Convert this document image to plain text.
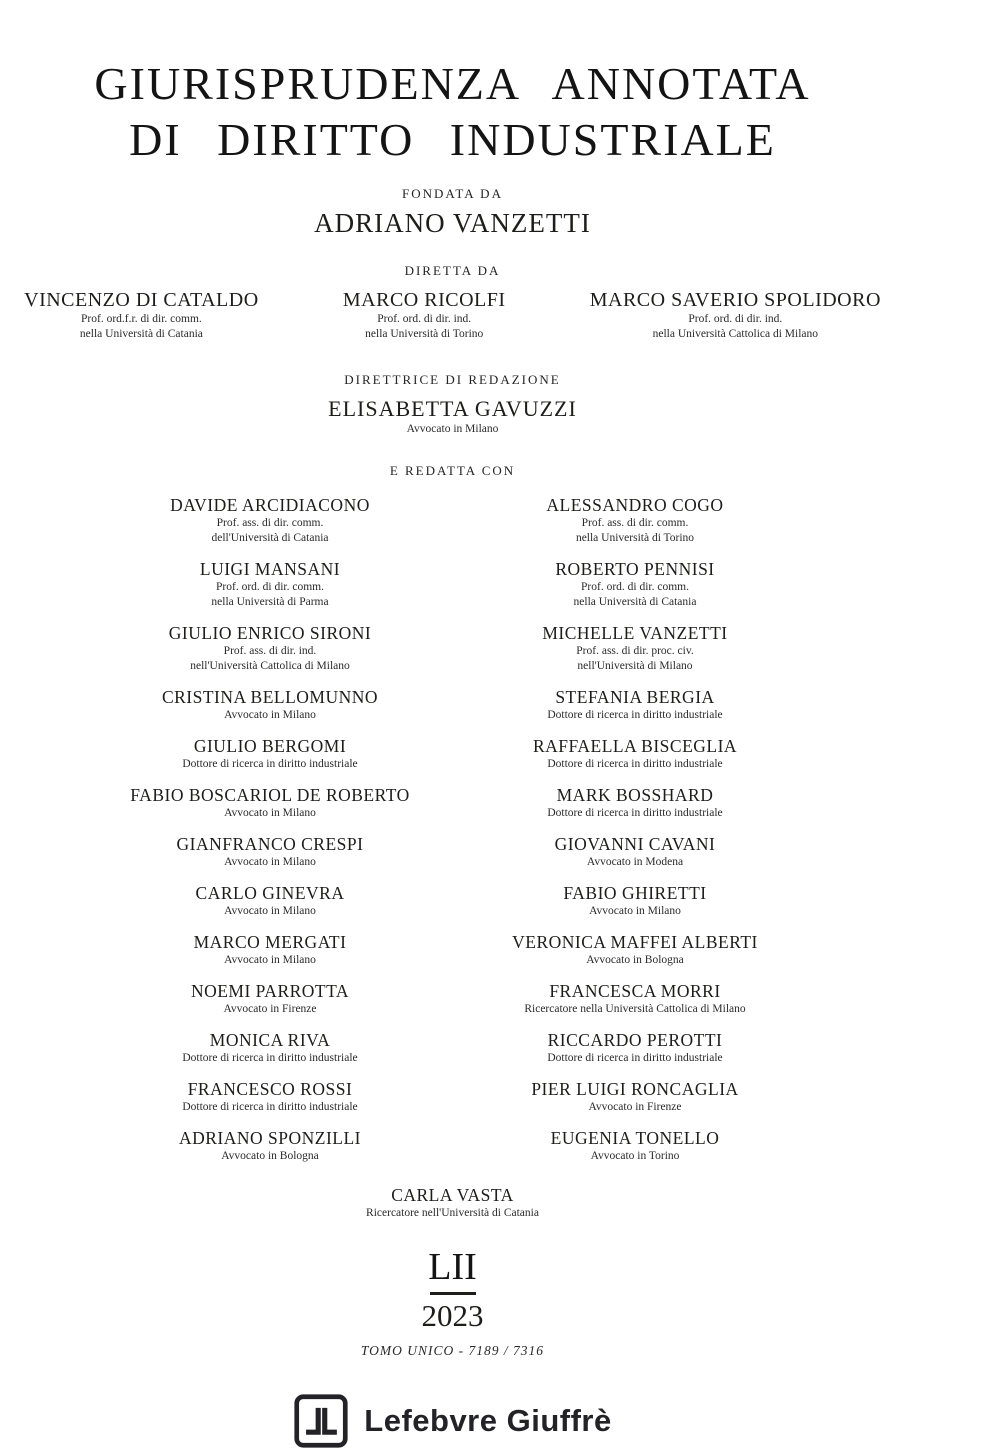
GIURISPRUDENZA ANNOTATA
DI DIRITTO INDUSTRIALE
FONDATA DA
ADRIANO VANZETTI
DIRETTA DA
VINCENZO DI CATALDO
Prof. ord.f.r. di dir. comm.
nella Università di Catania
MARCO RICOLFI
Prof. ord. di dir. ind.
nella Università di Torino
MARCO SAVERIO SPOLIDORO
Prof. ord. di dir. ind.
nella Università Cattolica di Milano
DIRETTRICE DI REDAZIONE
ELISABETTA GAVUZZI
Avvocato in Milano
E REDATTA CON
DAVIDE ARCIDIACONO
Prof. ass. di dir. comm.
dell'Università di Catania
ALESSANDRO COGO
Prof. ass. di dir. comm.
nella Università di Torino
LUIGI MANSANI
Prof. ord. di dir. comm.
nella Università di Parma
ROBERTO PENNISI
Prof. ord. di dir. comm.
nella Università di Catania
GIULIO ENRICO SIRONI
Prof. ass. di dir. ind.
nell'Università Cattolica di Milano
MICHELLE VANZETTI
Prof. ass. di dir. proc. civ.
nell'Università di Milano
CRISTINA BELLOMUNNO
Avvocato in Milano
STEFANIA BERGIA
Dottore di ricerca in diritto industriale
GIULIO BERGOMI
Dottore di ricerca in diritto industriale
RAFFAELLA BISCEGLIA
Dottore di ricerca in diritto industriale
FABIO BOSCARIOL DE ROBERTO
Avvocato in Milano
MARK BOSSHARD
Dottore di ricerca in diritto industriale
GIANFRANCO CRESPI
Avvocato in Milano
GIOVANNI CAVANI
Avvocato in Modena
CARLO GINEVRA
Avvocato in Milano
FABIO GHIRETTI
Avvocato in Milano
MARCO MERGATI
Avvocato in Milano
VERONICA MAFFEI ALBERTI
Avvocato in Bologna
NOEMI PARROTTA
Avvocato in Firenze
FRANCESCA MORRI
Ricercatore nella Università Cattolica di Milano
MONICA RIVA
Dottore di ricerca in diritto industriale
RICCARDO PEROTTI
Dottore di ricerca in diritto industriale
FRANCESCO ROSSI
Dottore di ricerca in diritto industriale
PIER LUIGI RONCAGLIA
Avvocato in Firenze
ADRIANO SPONZILLI
Avvocato in Bologna
EUGENIA TONELLO
Avvocato in Torino
CARLA VASTA
Ricercatore nell'Università di Catania
LII
2023
TOMO UNICO - 7189 / 7316
Lefebvre Giuffrè
